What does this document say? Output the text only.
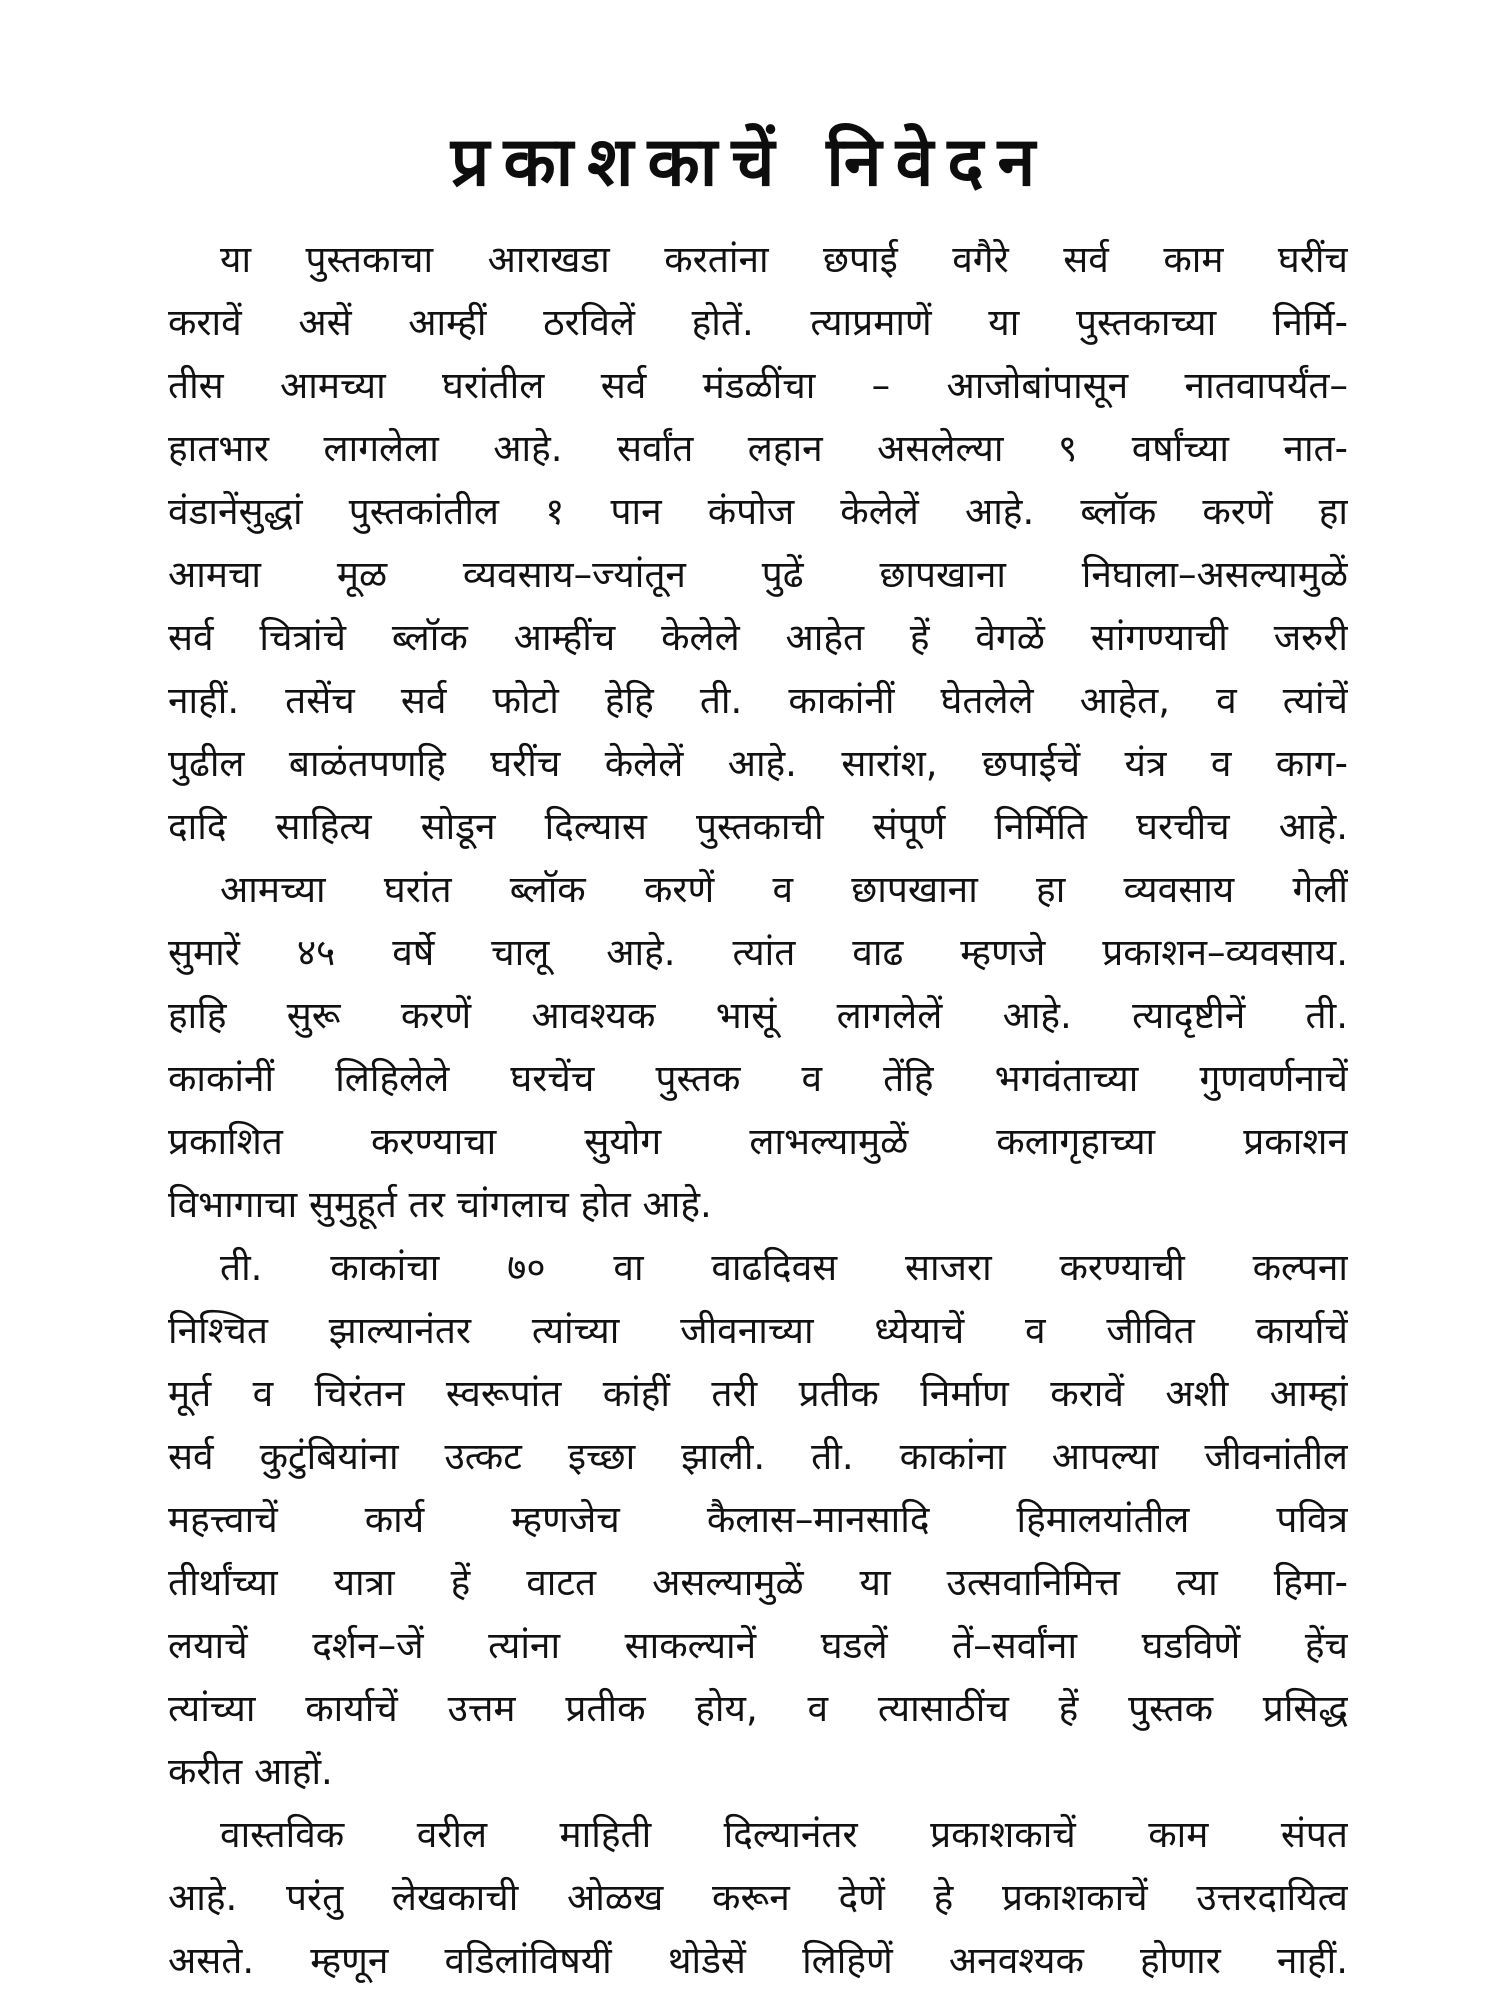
प्रकाशकाचें निवेदन
या पुस्तकाचा आराखडा करतांना छपाई वगैरे सर्व काम घरींच
करावें असें आम्हीं ठरविलें होतें. त्याप्रमाणें या पुस्तकाच्या निर्मि-
तीस आमच्या घरांतील सर्व मंडळींचा – आजोबांपासून नातवापर्यंत–
हातभार लागलेला आहे. सर्वांत लहान असलेल्या ९ वर्षांच्या नात-
वंडानेंसुद्धां पुस्तकांतील १ पान कंपोज केलेलें आहे. ब्लॉक करणें हा
आमचा मूळ व्यवसाय–ज्यांतून पुढें छापखाना निघाला–असल्यामुळें
सर्व चित्रांचे ब्लॉक आम्हींच केलेले आहेत हें वेगळें सांगण्याची जरुरी
नाहीं. तसेंच सर्व फोटो हेहि ती. काकांनीं घेतलेले आहेत, व त्यांचें
पुढील बाळंतपणहि घरींच केलेलें आहे. सारांश, छपाईचें यंत्र व काग-
दादि साहित्य सोडून दिल्यास पुस्तकाची संपूर्ण निर्मिति घरचीच आहे.
आमच्या घरांत ब्लॉक करणें व छापखाना हा व्यवसाय गेलीं
सुमारें ४५ वर्षे चालू आहे. त्यांत वाढ म्हणजे प्रकाशन–व्यवसाय.
हाहि सुरू करणें आवश्यक भासूं लागलेलें आहे. त्यादृष्टीनें ती.
काकांनीं लिहिलेले घरचेंच पुस्तक व तेंहि भगवंताच्या गुणवर्णनाचें
प्रकाशित करण्याचा सुयोग लाभल्यामुळें कलागृहाच्या प्रकाशन
विभागाचा सुमुहूर्त तर चांगलाच होत आहे.
ती. काकांचा ७० वा वाढदिवस साजरा करण्याची कल्पना
निश्चित झाल्यानंतर त्यांच्या जीवनाच्या ध्येयाचें व जीवित कार्याचें
मूर्त व चिरंतन स्वरूपांत कांहीं तरी प्रतीक निर्माण करावें अशी आम्हां
सर्व कुटुंबियांना उत्कट इच्छा झाली. ती. काकांना आपल्या जीवनांतील
महत्त्वाचें कार्य म्हणजेच कैलास–मानसादि हिमालयांतील पवित्र
तीर्थांच्या यात्रा हें वाटत असल्यामुळें या उत्सवानिमित्त त्या हिमा-
लयाचें दर्शन–जें त्यांना साकल्यानें घडलें तें–सर्वांना घडविणें हेंच
त्यांच्या कार्याचें उत्तम प्रतीक होय, व त्यासाठींच हें पुस्तक प्रसिद्ध
करीत आहों.
वास्तविक वरील माहिती दिल्यानंतर प्रकाशकाचें काम संपत
आहे. परंतु लेखकाची ओळख करून देणें हे प्रकाशकाचें उत्तरदायित्व
असते. म्हणून वडिलांविषयीं थोडेसें लिहिणें अनवश्यक होणार नाहीं.
